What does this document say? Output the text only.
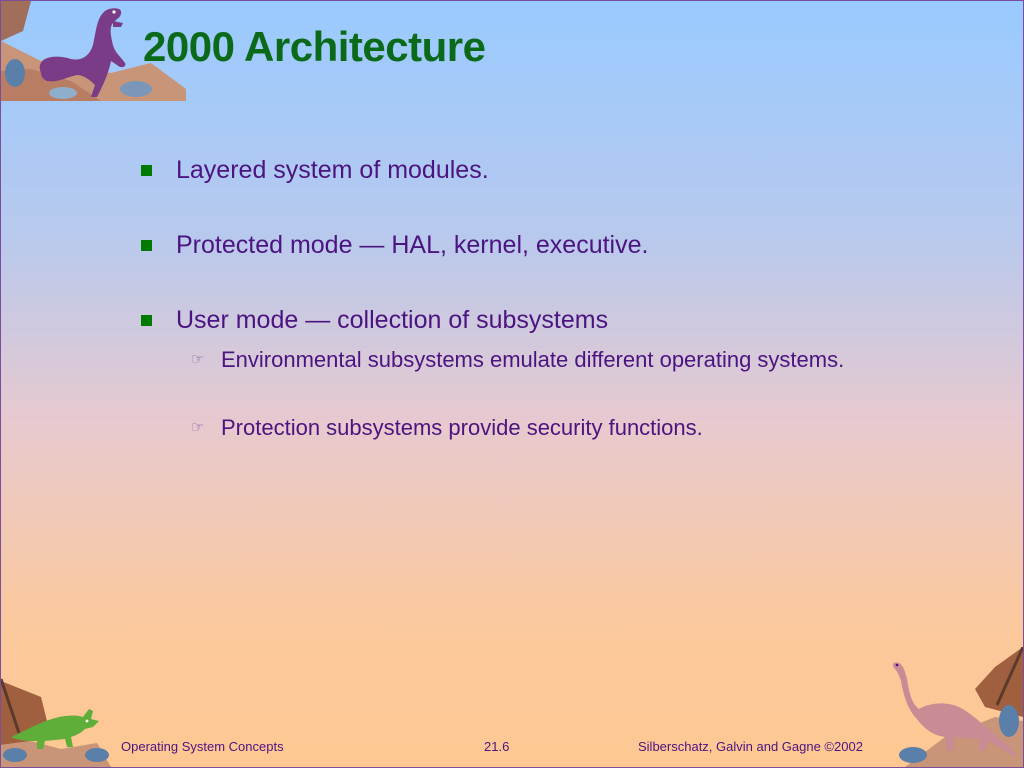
2000 Architecture
Layered system of modules.
Protected mode — HAL, kernel, executive.
User mode — collection of subsystems
☞ Environmental subsystems emulate different operating systems.
☞ Protection subsystems provide security functions.
Operating System Concepts	21.6	Silberschatz, Galvin and Gagne ©2002
